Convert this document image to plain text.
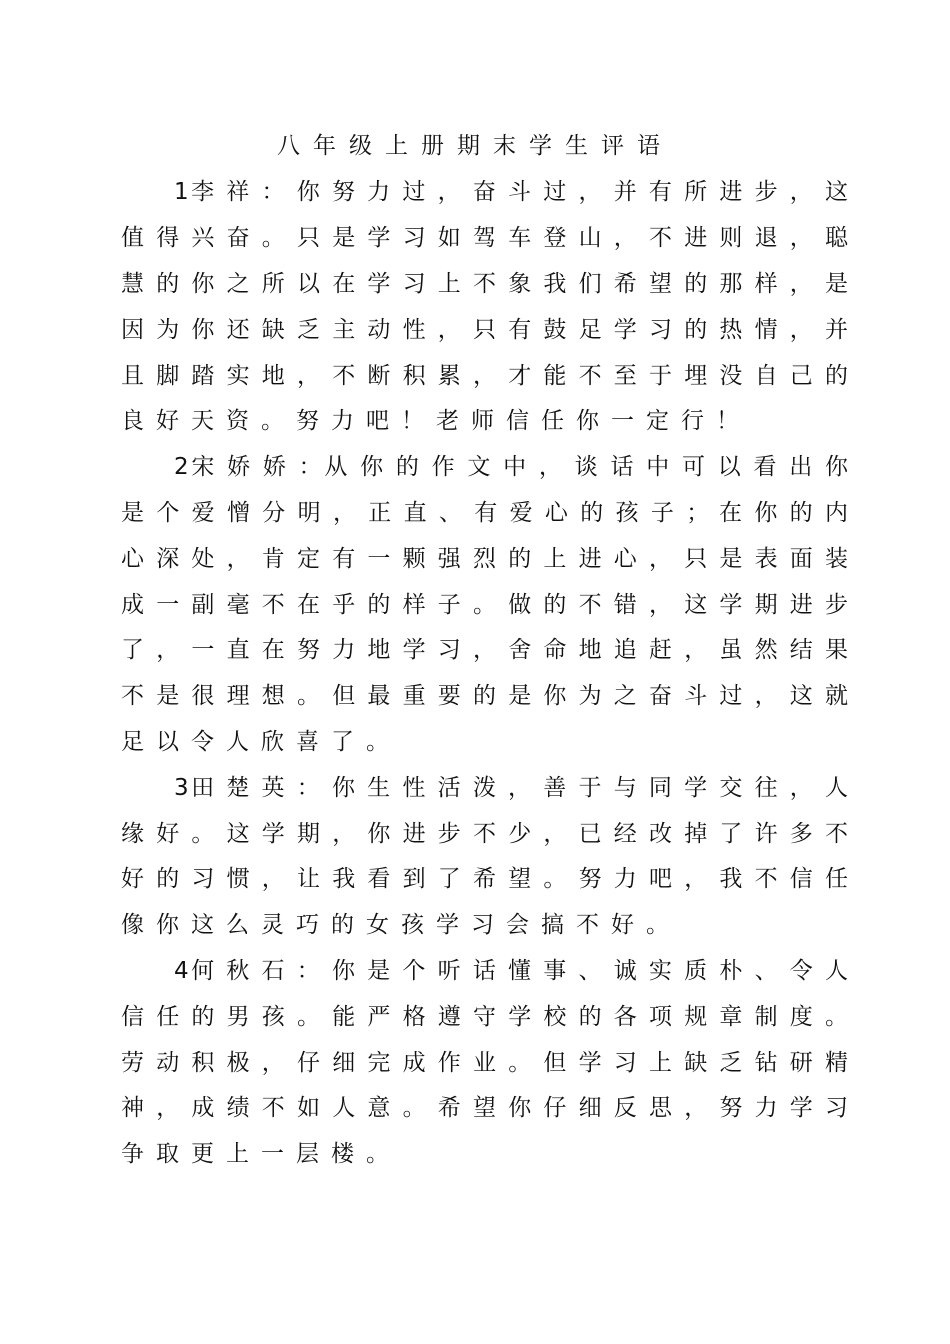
八年级上册期末学生评语
1李 祥 ： 你 努 力 过 ， 奋 斗 过 ， 并 有 所 进 步 ， 这
值 得 兴 奋 。 只 是 学 习 如 驾 车 登 山 ， 不 进 则 退 ， 聪
慧 的 你 之 所 以 在 学 习 上 不 象 我 们 希 望 的 那 样 ， 是
因 为 你 还 缺 乏 主 动 性 ， 只 有 鼓 足 学 习 的 热 情 ， 并
且 脚 踏 实 地 ， 不 断 积 累 ， 才 能 不 至 于 埋 没 自 己 的
良好天资。努力吧！老师信任你一定行！
2宋 娇 娇 ：从 你 的 作 文 中 ， 谈 话 中 可 以 看 出 你
是 个 爱 憎 分 明 ， 正 直 、 有 爱 心 的 孩 子 ； 在 你 的 内
心 深 处 ， 肯 定 有 一 颗 强 烈 的 上 进 心 ， 只 是 表 面 装
成 一 副 毫 不 在 乎 的 样 子 。 做 的 不 错 ， 这 学 期 进 步
了 ， 一 直 在 努 力 地 学 习 ， 舍 命 地 追 赶 ， 虽 然 结 果
不 是 很 理 想 。 但 最 重 要 的 是 你 为 之 奋 斗 过 ， 这 就
足以令人欣喜了。
3田 楚 英 ： 你 生 性 活 泼 ， 善 于 与 同 学 交 往 ， 人
缘 好 。 这 学 期 ， 你 进 步 不 少 ， 已 经 改 掉 了 许 多 不
好 的 习 惯 ， 让 我 看 到 了 希 望 。 努 力 吧 ， 我 不 信 任
像你这么灵巧的女孩学习会搞不好。
4何 秋 石 ： 你 是 个 听 话 懂 事 、 诚 实 质 朴 、 令 人
信 任 的 男 孩 。 能 严 格 遵 守 学 校 的 各 项 规 章 制 度 。
劳 动 积 极 ， 仔 细 完 成 作 业 。 但 学 习 上 缺 乏 钻 研 精
神 ， 成 绩 不 如 人 意 。 希 望 你 仔 细 反 思 ， 努 力 学 习
争取更上一层楼。
